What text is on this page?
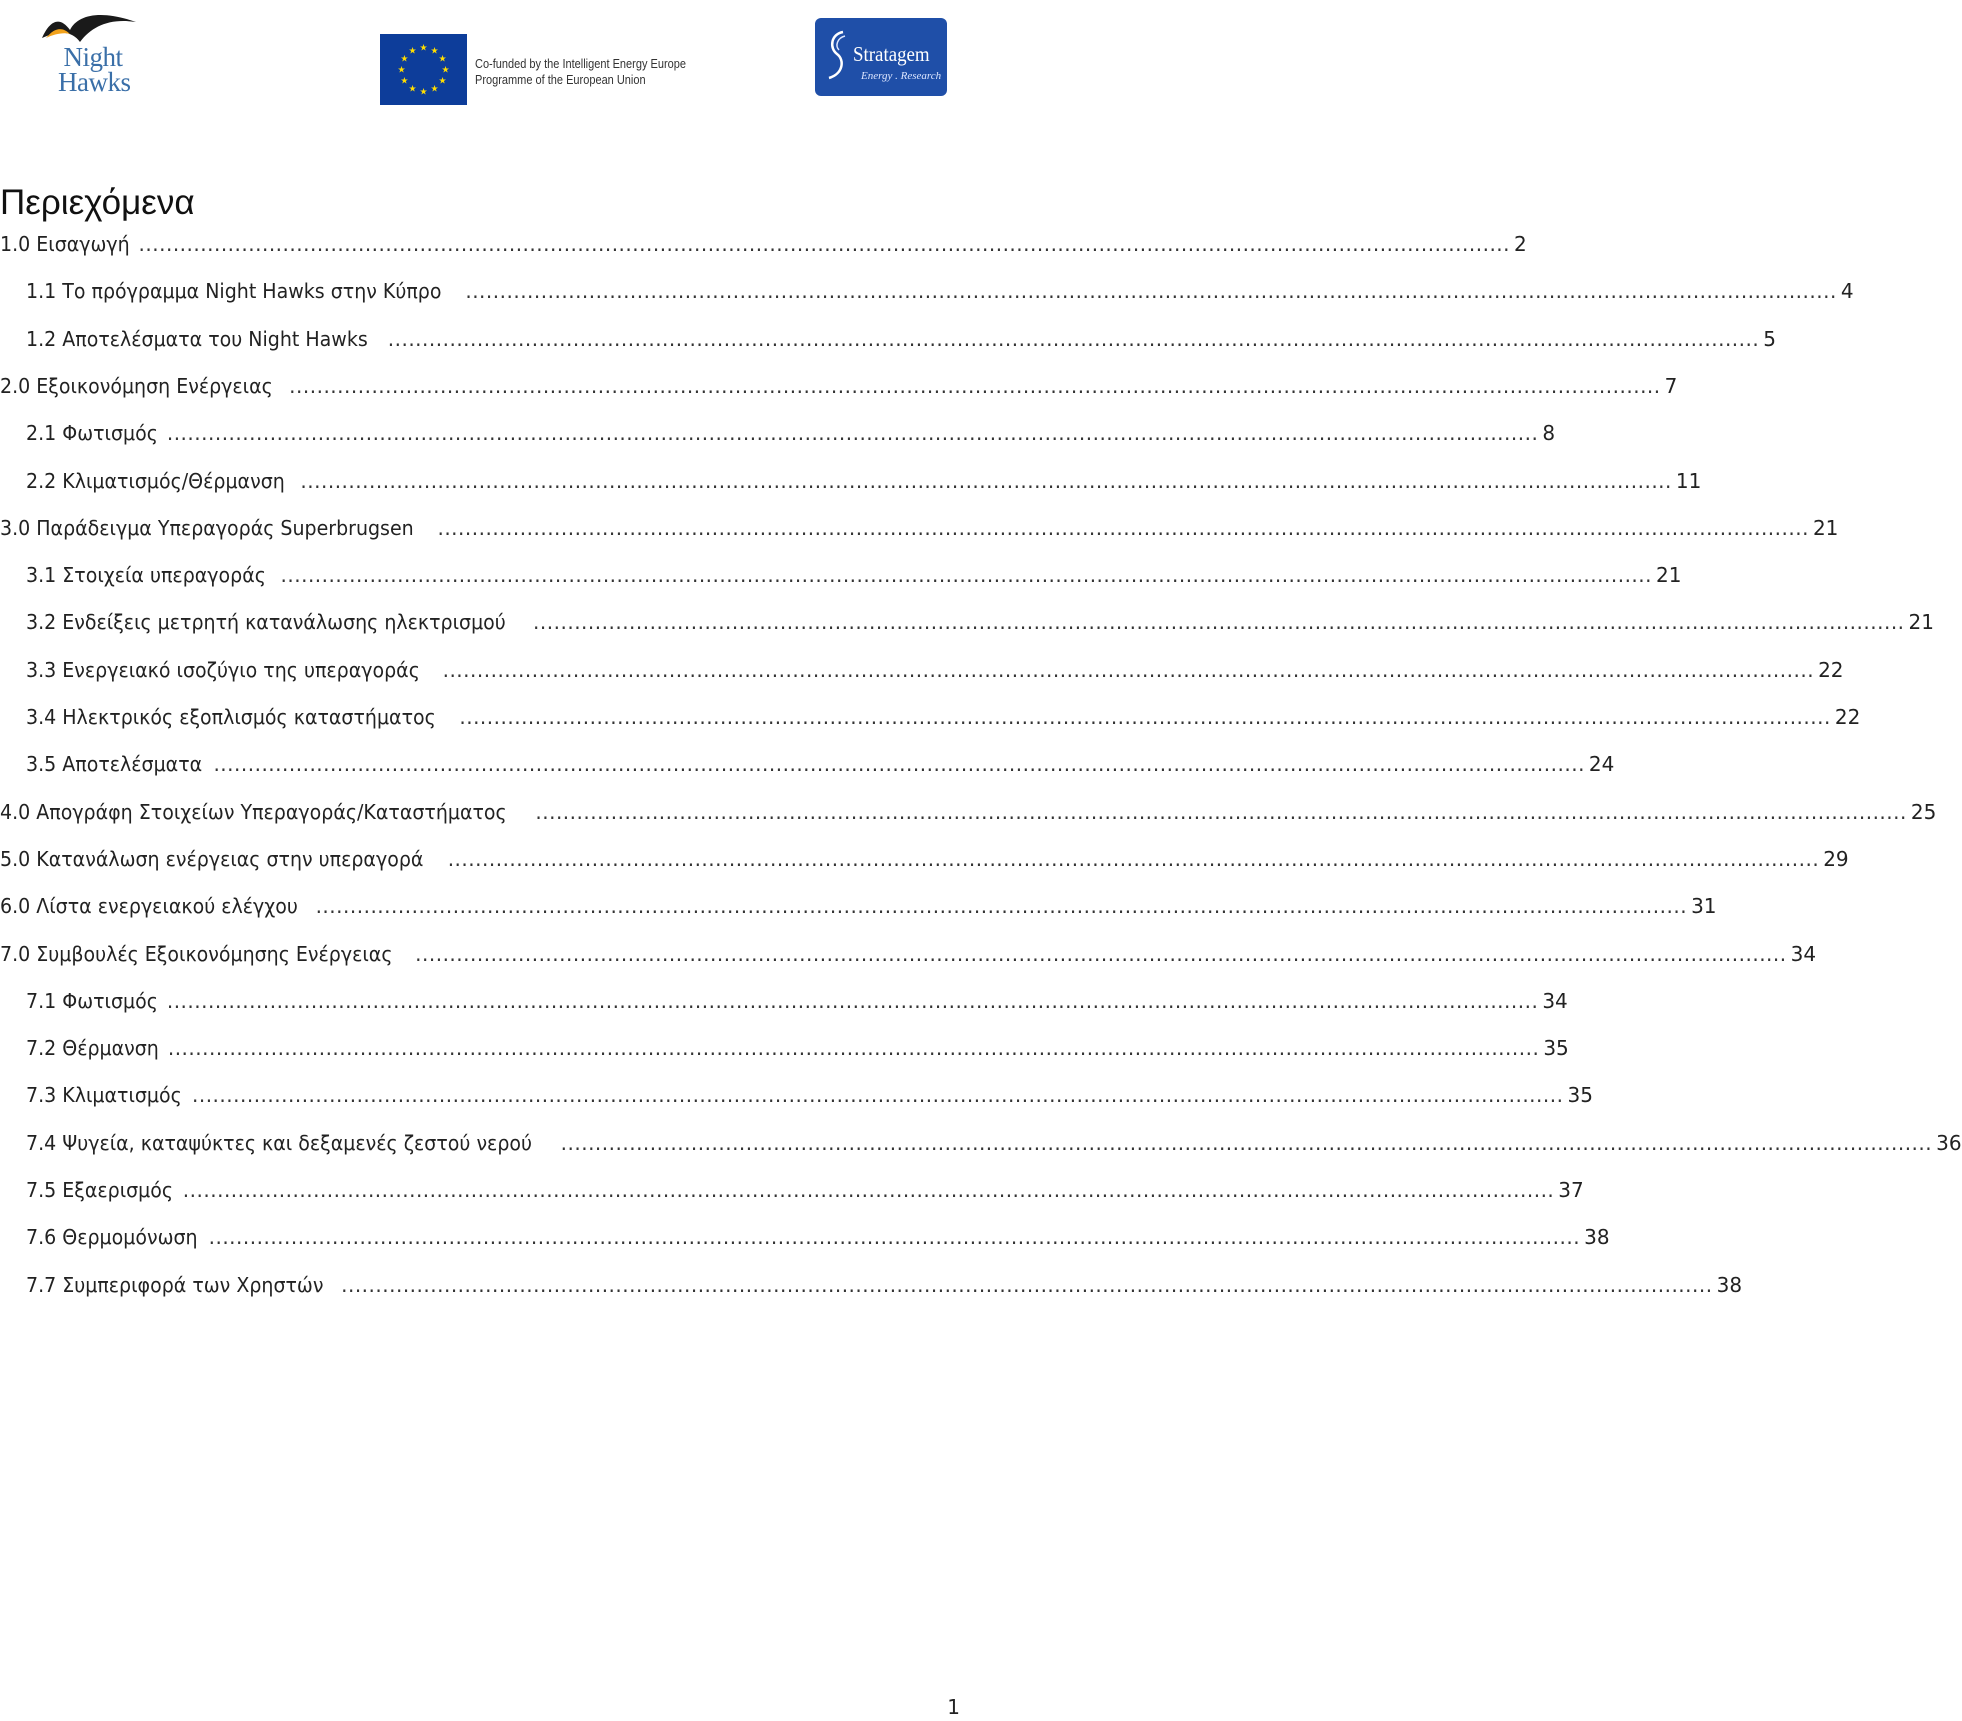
Night
Hawks	★
★
★
★
★
★
★
★
★ ★ ★
★ Co-funded by the Intelligent Energy Europe
Programme of the European Union
Stratagem
Energy . Research
Περιεχόμενα
1.0 Εισαγωγή ........................................................................................................................................................................................................ 2
1.1 Το πρόγραμμα Night Hawks στην Κύπρο ........................................................................................................................................................................................................ 4
1.2 Αποτελέσματα του Night Hawks ........................................................................................................................................................................................................ 5
2.0 Εξοικονόμηση Ενέργειας ........................................................................................................................................................................................................ 7
2.1 Φωτισμός ........................................................................................................................................................................................................ 8
2.2 Κλιματισμός/Θέρμανση ........................................................................................................................................................................................................ 11
3.0 Παράδειγμα Υπεραγοράς Superbrugsen ........................................................................................................................................................................................................ 21
3.1 Στοιχεία υπεραγοράς ........................................................................................................................................................................................................ 21
3.2 Ενδείξεις μετρητή κατανάλωσης ηλεκτρισμού ........................................................................................................................................................................................................ 21
3.3 Ενεργειακό ισοζύγιο της υπεραγοράς ........................................................................................................................................................................................................ 22
3.4 Ηλεκτρικός εξοπλισμός καταστήματος ........................................................................................................................................................................................................ 22
3.5 Αποτελέσματα ........................................................................................................................................................................................................ 24
4.0 Απογράφη Στοιχείων Υπεραγοράς/Καταστήματος ........................................................................................................................................................................................................ 25
5.0 Κατανάλωση ενέργειας στην υπεραγορά ........................................................................................................................................................................................................ 29
6.0 Λίστα ενεργειακού ελέγχου ........................................................................................................................................................................................................ 31
7.0 Συμβουλές Εξοικονόμησης Ενέργειας ........................................................................................................................................................................................................ 34
7.1 Φωτισμός ........................................................................................................................................................................................................ 34
7.2 Θέρμανση ........................................................................................................................................................................................................ 35
7.3 Κλιματισμός ........................................................................................................................................................................................................ 35
7.4 Ψυγεία, καταψύκτες και δεξαμενές ζεστού νερού ........................................................................................................................................................................................................ 36
7.5 Εξαερισμός ........................................................................................................................................................................................................ 37
7.6 Θερμομόνωση ........................................................................................................................................................................................................ 38
7.7 Συμπεριφορά των Χρηστών ........................................................................................................................................................................................................ 38
1
